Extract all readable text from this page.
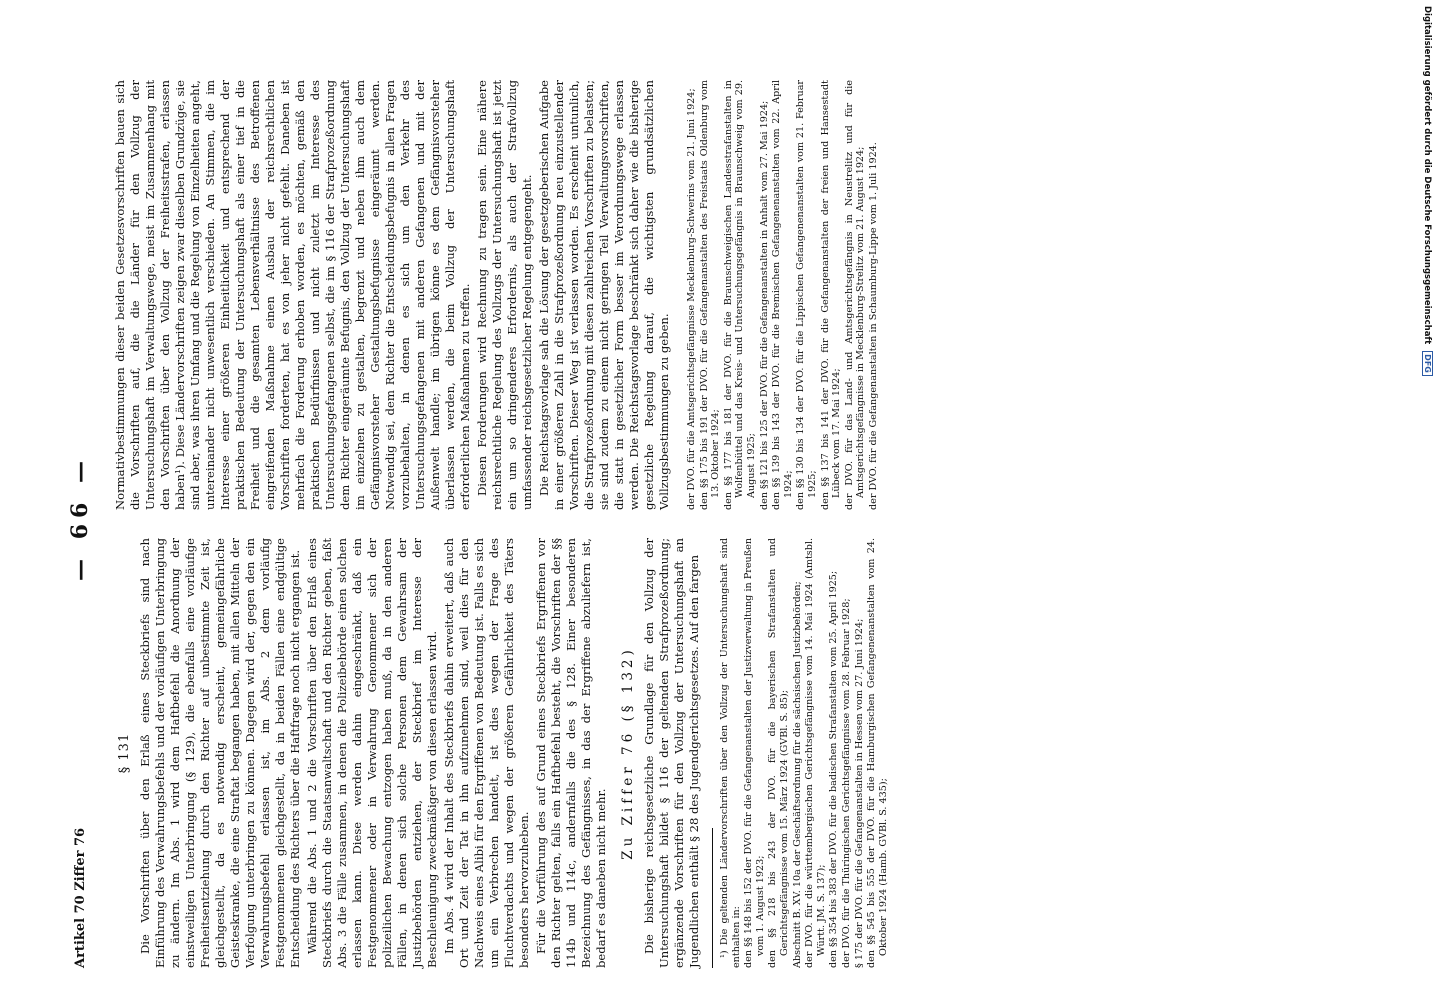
Artikel 70 Ziffer 76
— 66 —
§ 131 Die Vorschriften über den Erlaß eines Steckbriefs sind nach Einführung des Verwahrungsbefehls und der vorläufigen Unterbringung zu ändern. Im Abs. 1 wird dem Haftbefehl die Anordnung der einstweiligen Unterbringung (§ 129), die ebenfalls eine vorläufige Freiheitsentziehung durch den Richter auf unbestimmte Zeit ist, gleichgestellt, da es notwendig erscheint, gemeingefährliche Geisteskranke, die eine Straftat begangen haben, mit allen Mitteln der Verfolgung unterbringen zu können. Dagegen wird der, gegen den ein Verwahrungsbefehl erlassen ist, im Abs. 2 dem vorläufig Festgenommenen gleichgestellt, da in beiden Fällen eine endgültige Entscheidung des Richters über die Haftfrage noch nicht ergangen ist. Während die Abs. 1 und 2 die Vorschriften über den Erlaß eines Steckbriefs durch die Staatsanwaltschaft und den Richter geben, faßt Abs. 3 die Fälle zusammen, in denen die Polizeibehörde einen solchen erlassen kann. Diese werden dahin eingeschränkt, daß ein Festgenommener oder in Verwahrung Genommener sich der polizeilichen Bewachung entzogen haben muß, da in den anderen Fällen, in denen sich solche Personen dem Gewahrsam der Justizbehörden entziehen, der Steckbrief im Interesse der Beschleunigung zweckmäßiger von diesen erlassen wird. Im Abs. 4 wird der Inhalt des Steckbriefs dahin erweitert, daß auch Ort und Zeit der Tat in ihn aufzunehmen sind, weil dies für den Nachweis eines Alibi für den Ergriffenen von Bedeutung ist. Falls es sich um ein Verbrechen handelt, ist dies wegen der Frage des Fluchtverdachts und wegen der größeren Gefährlichkeit des Täters besonders hervorzuheben. Für die Vorführung des auf Grund eines Steckbriefs Ergriffenen vor den Richter gelten, falls ein Haftbefehl besteht, die Vorschriften der §§ 114b und 114c, andernfalls die des § 128. Einer besonderen Bezeichnung des Gefängnisses, in das der Ergriffene abzuliefern ist, bedarf es daneben nicht mehr.

Zu Ziffer 76 (§ 132) Die bisherige reichsgesetzliche Grundlage für den Vollzug der Untersuchungshaft bildet § 116 der geltenden Strafprozeßordnung; ergänzende Vorschriften für den Vollzug der Untersuchungshaft an Jugendlichen enthält § 28 des Jugendgerichtsgesetzes. Auf den fargen ¹) Die geltenden Ländervorschriften über den Vollzug der Untersuchungshaft sind enthalten in: den §§ 148 bis 152 der DVO. für die Gefangenanstalten der Justizverwaltung in Preußen vom 1. August 1923; den §§ 218 bis 243 der DVO. für die bayerischen Strafanstalten und Gerichtsgefängnisse vom 15. März 1924 (GVBl. S. 85); Abschnitt B. XV. 10a der Geschäftsordnung für die sächsischen Justizbehörden; der DVO. für die württembergischen Gerichtsgefängnisse vom 14. Mai 1924 (Amtsbl. Württ. JM. S. 137); den §§ 354 bis 383 der DVO. für die badischen Strafanstalten vom 25. April 1925; der DVO. für die Thüringischen Gerichtsgefängnisse vom 28. Februar 1928; § 175 der DVO. für die Gefangenanstalten in Hessen vom 27. Juni 1924; den §§ 545 bis 555 der DVO. für die Hamburgischen Gefangenenanstalten vom 24. Oktober 1924 (Hamb. GVBl. S. 435);

Normativbestimmungen dieser beiden Gesetzesvorschriften bauen sich die Vorschriften auf, die die Länder für den Vollzug der Untersuchungshaft im Verwaltungswege, meist im Zusammenhang mit den Vorschriften über den Vollzug der Freiheitsstrafen, erlassen haben¹). Diese Ländervorschriften zeigen zwar dieselben Grundzüge, sie sind aber, was ihren Umfang und die Regelung von Einzelheiten angeht, untereinander nicht unwesentlich verschieden. An Stimmen, die im Interesse einer größeren Einheitlichkeit und entsprechend der praktischen Bedeutung der Untersuchungshaft als einer tief in die Freiheit und die gesamten Lebensverhältnisse des Betroffenen eingreifenden Maßnahme einen Ausbau der reichsrechtlichen Vorschriften forderten, hat es von jeher nicht gefehlt. Daneben ist mehrfach die Forderung erhoben worden, es möchten, gemäß den praktischen Bedürfnissen und nicht zuletzt im Interesse des Untersuchungsgefangenen selbst, die im § 116 der Strafprozeßordnung dem Richter eingeräumte Befugnis, den Vollzug der Untersuchungshaft im einzelnen zu gestalten, begrenzt und neben ihm auch dem Gefängnisvorsteher Gestaltungsbefugnisse eingeräumt werden. Notwendig sei, dem Richter die Entscheidungsbefugnis in allen Fragen vorzubehalten, in denen es sich um den Verkehr des Untersuchungsgefangenen mit anderen Gefangenen und mit der Außenwelt handle; im übrigen könne es dem Gefängnisvorsteher überlassen werden, die beim Vollzug der Untersuchungshaft erforderlichen Maßnahmen zu treffen. Diesen Forderungen wird Rechnung zu tragen sein. Eine nähere reichsrechtliche Regelung des Vollzugs der Untersuchungshaft ist jetzt ein um so dringenderes Erfordernis, als auch der Strafvollzug umfassender reichsgesetzlicher Regelung entgegengeht. Die Reichstagsvorlage sah die Lösung der gesetzgeberischen Aufgabe in einer größeren Zahl in die Strafprozeßordnung neu einzustellender Vorschriften. Dieser Weg ist verlassen worden. Es erscheint untunlich, die Strafprozeßordnung mit diesen zahlreichen Vorschriften zu belasten; sie sind zudem zu einem nicht geringen Teil Verwaltungsvorschriften, die statt in gesetzlicher Form besser im Verordnungswege erlassen werden. Die Reichstagsvorlage beschränkt sich daher wie die bisherige gesetzliche Regelung darauf, die wichtigsten grundsätzlichen Vollzugsbestimmungen zu geben. der DVO. für die Amtsgerichtsgefängnisse Mecklenburg-Schwerins vom 21. Juni 1924; den §§ 175 bis 191 der DVO. für die Gefangenanstalten des Freistaats Oldenburg vom 13. Oktober 1924; den §§ 177 bis 181 der DVO. für die Braunschweigischen Landesstrafanstalten in Wolfenbüttel und das Kreis- und Untersuchungsgefängnis in Braunschweig vom 29. August 1925; den §§ 121 bis 125 der DVO. für die Gefangenanstalten in Anhalt vom 27. Mai 1924; den §§ 139 bis 143 der DVO. für die Bremischen Gefangenenanstalten vom 22. April 1924; den §§ 130 bis 134 der DVO. für die Lippischen Gefangenenanstalten vom 21. Februar 1925; den §§ 137 bis 141 der DVO. für die Gefangenanstalten der freien und Hansestadt Lübeck vom 17. Mai 1924; der DVO. für das Land- und Amtsgerichtsgefängnis in Neustrelitz und für die Amtsgerichtsgefängnisse in Mecklenburg-Strelitz vom 21. August 1924; der DVO. für die Gefangenanstalten in Schaumburg-Lippe vom 1. Juli 1924.	Digitalisierung gefördert durch die Deutsche Forschungsgemeinschaft DFG
